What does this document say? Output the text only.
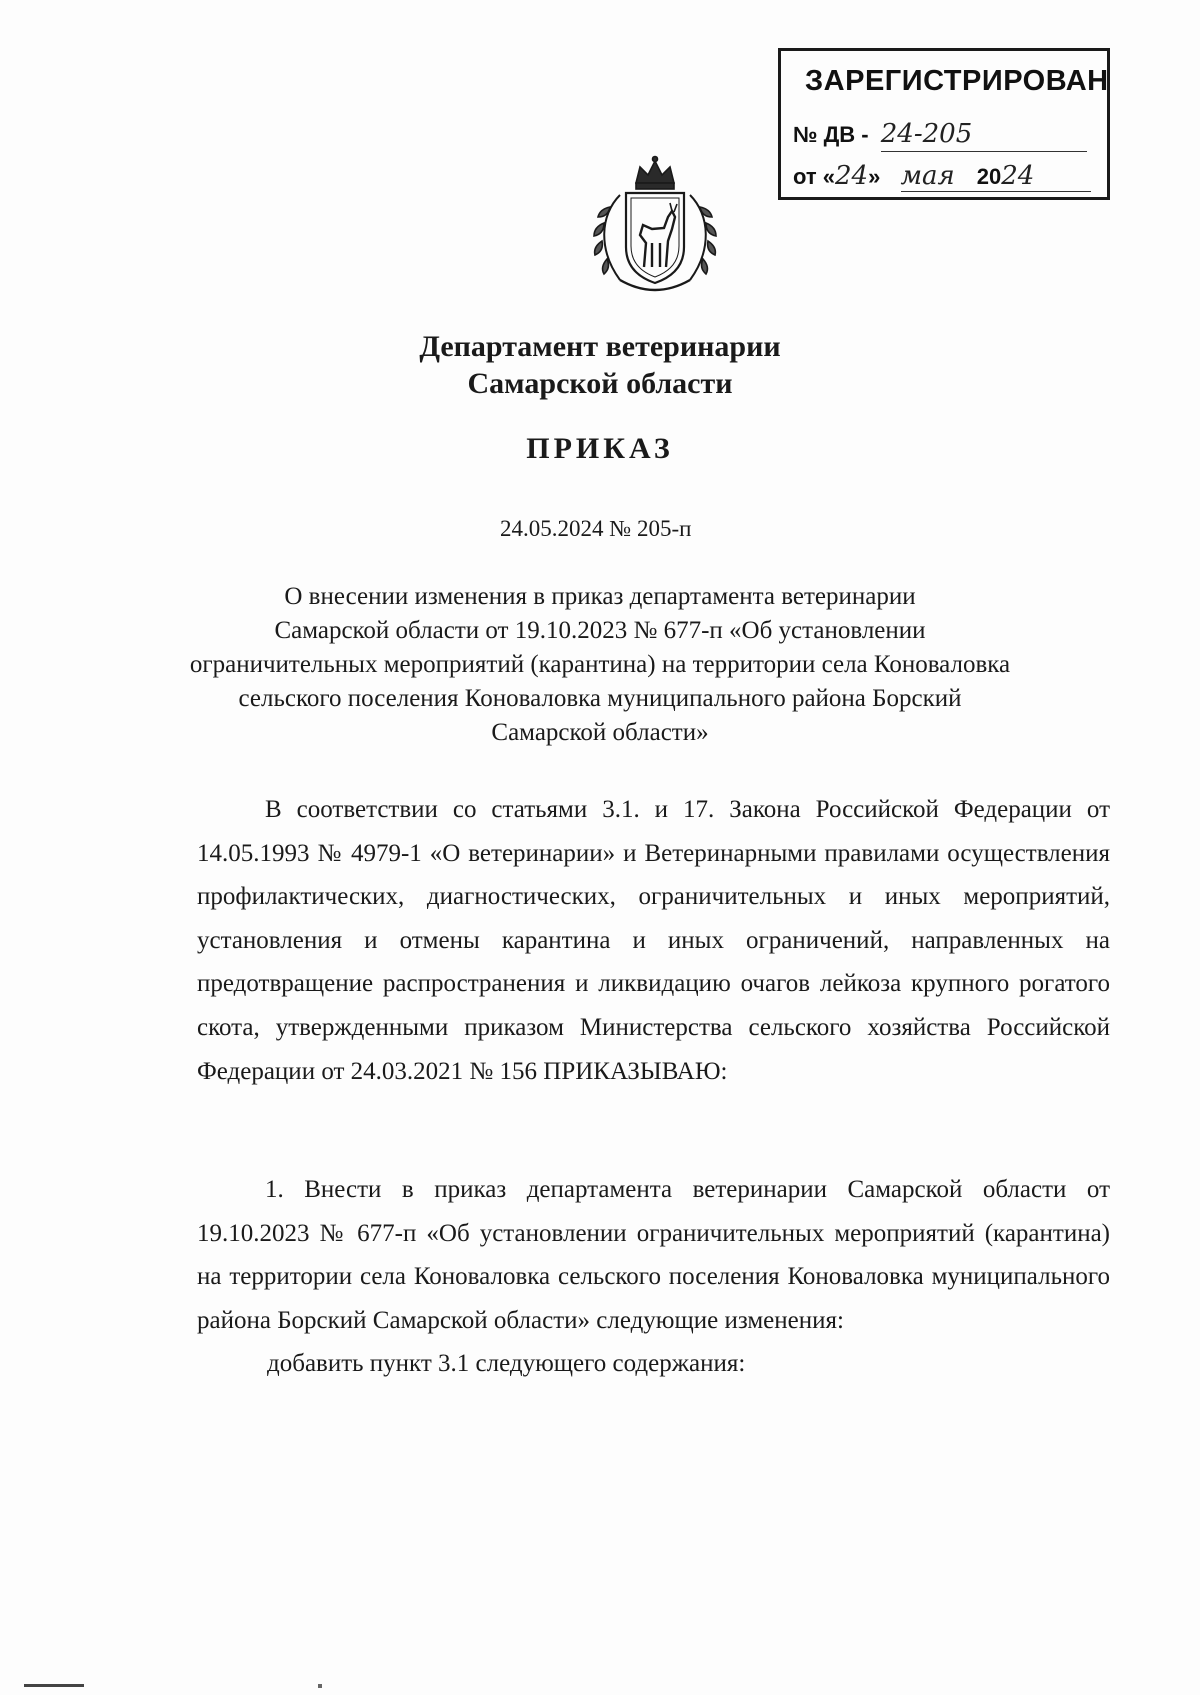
ЗАРЕГИСТРИРОВАН
№ ДВ - 24-205
от «24» мая 2024
Департамент ветеринарии
Самарской области
ПРИКАЗ
24.05.2024 № 205-п
О внесении изменения в приказ департамента ветеринарии
Самарской области от 19.10.2023 № 677-п «Об установлении
ограничительных мероприятий (карантина) на территории села Коноваловка
сельского поселения Коноваловка муниципального района Борский
Самарской области»

В соответствии со статьями 3.1. и 17. Закона Российской Федерации от 14.05.1993 № 4979-1 «О ветеринарии» и Ветеринарными правилами осуществления профилактических, диагностических, ограничительных и иных мероприятий, установления и отмены карантина и иных ограничений, направленных на предотвращение распространения и ликвидацию очагов лейкоза крупного рогатого скота, утвержденными приказом Министерства сельского хозяйства Российской Федерации от 24.03.2021 № 156 ПРИКАЗЫВАЮ:

1. Внести в приказ департамента ветеринарии Самарской области от 19.10.2023 № 677-п «Об установлении ограничительных мероприятий (карантина) на территории села Коноваловка сельского поселения Коноваловка муниципального района Борский Самарской области» следующие изменения:

добавить пункт 3.1 следующего содержания:
